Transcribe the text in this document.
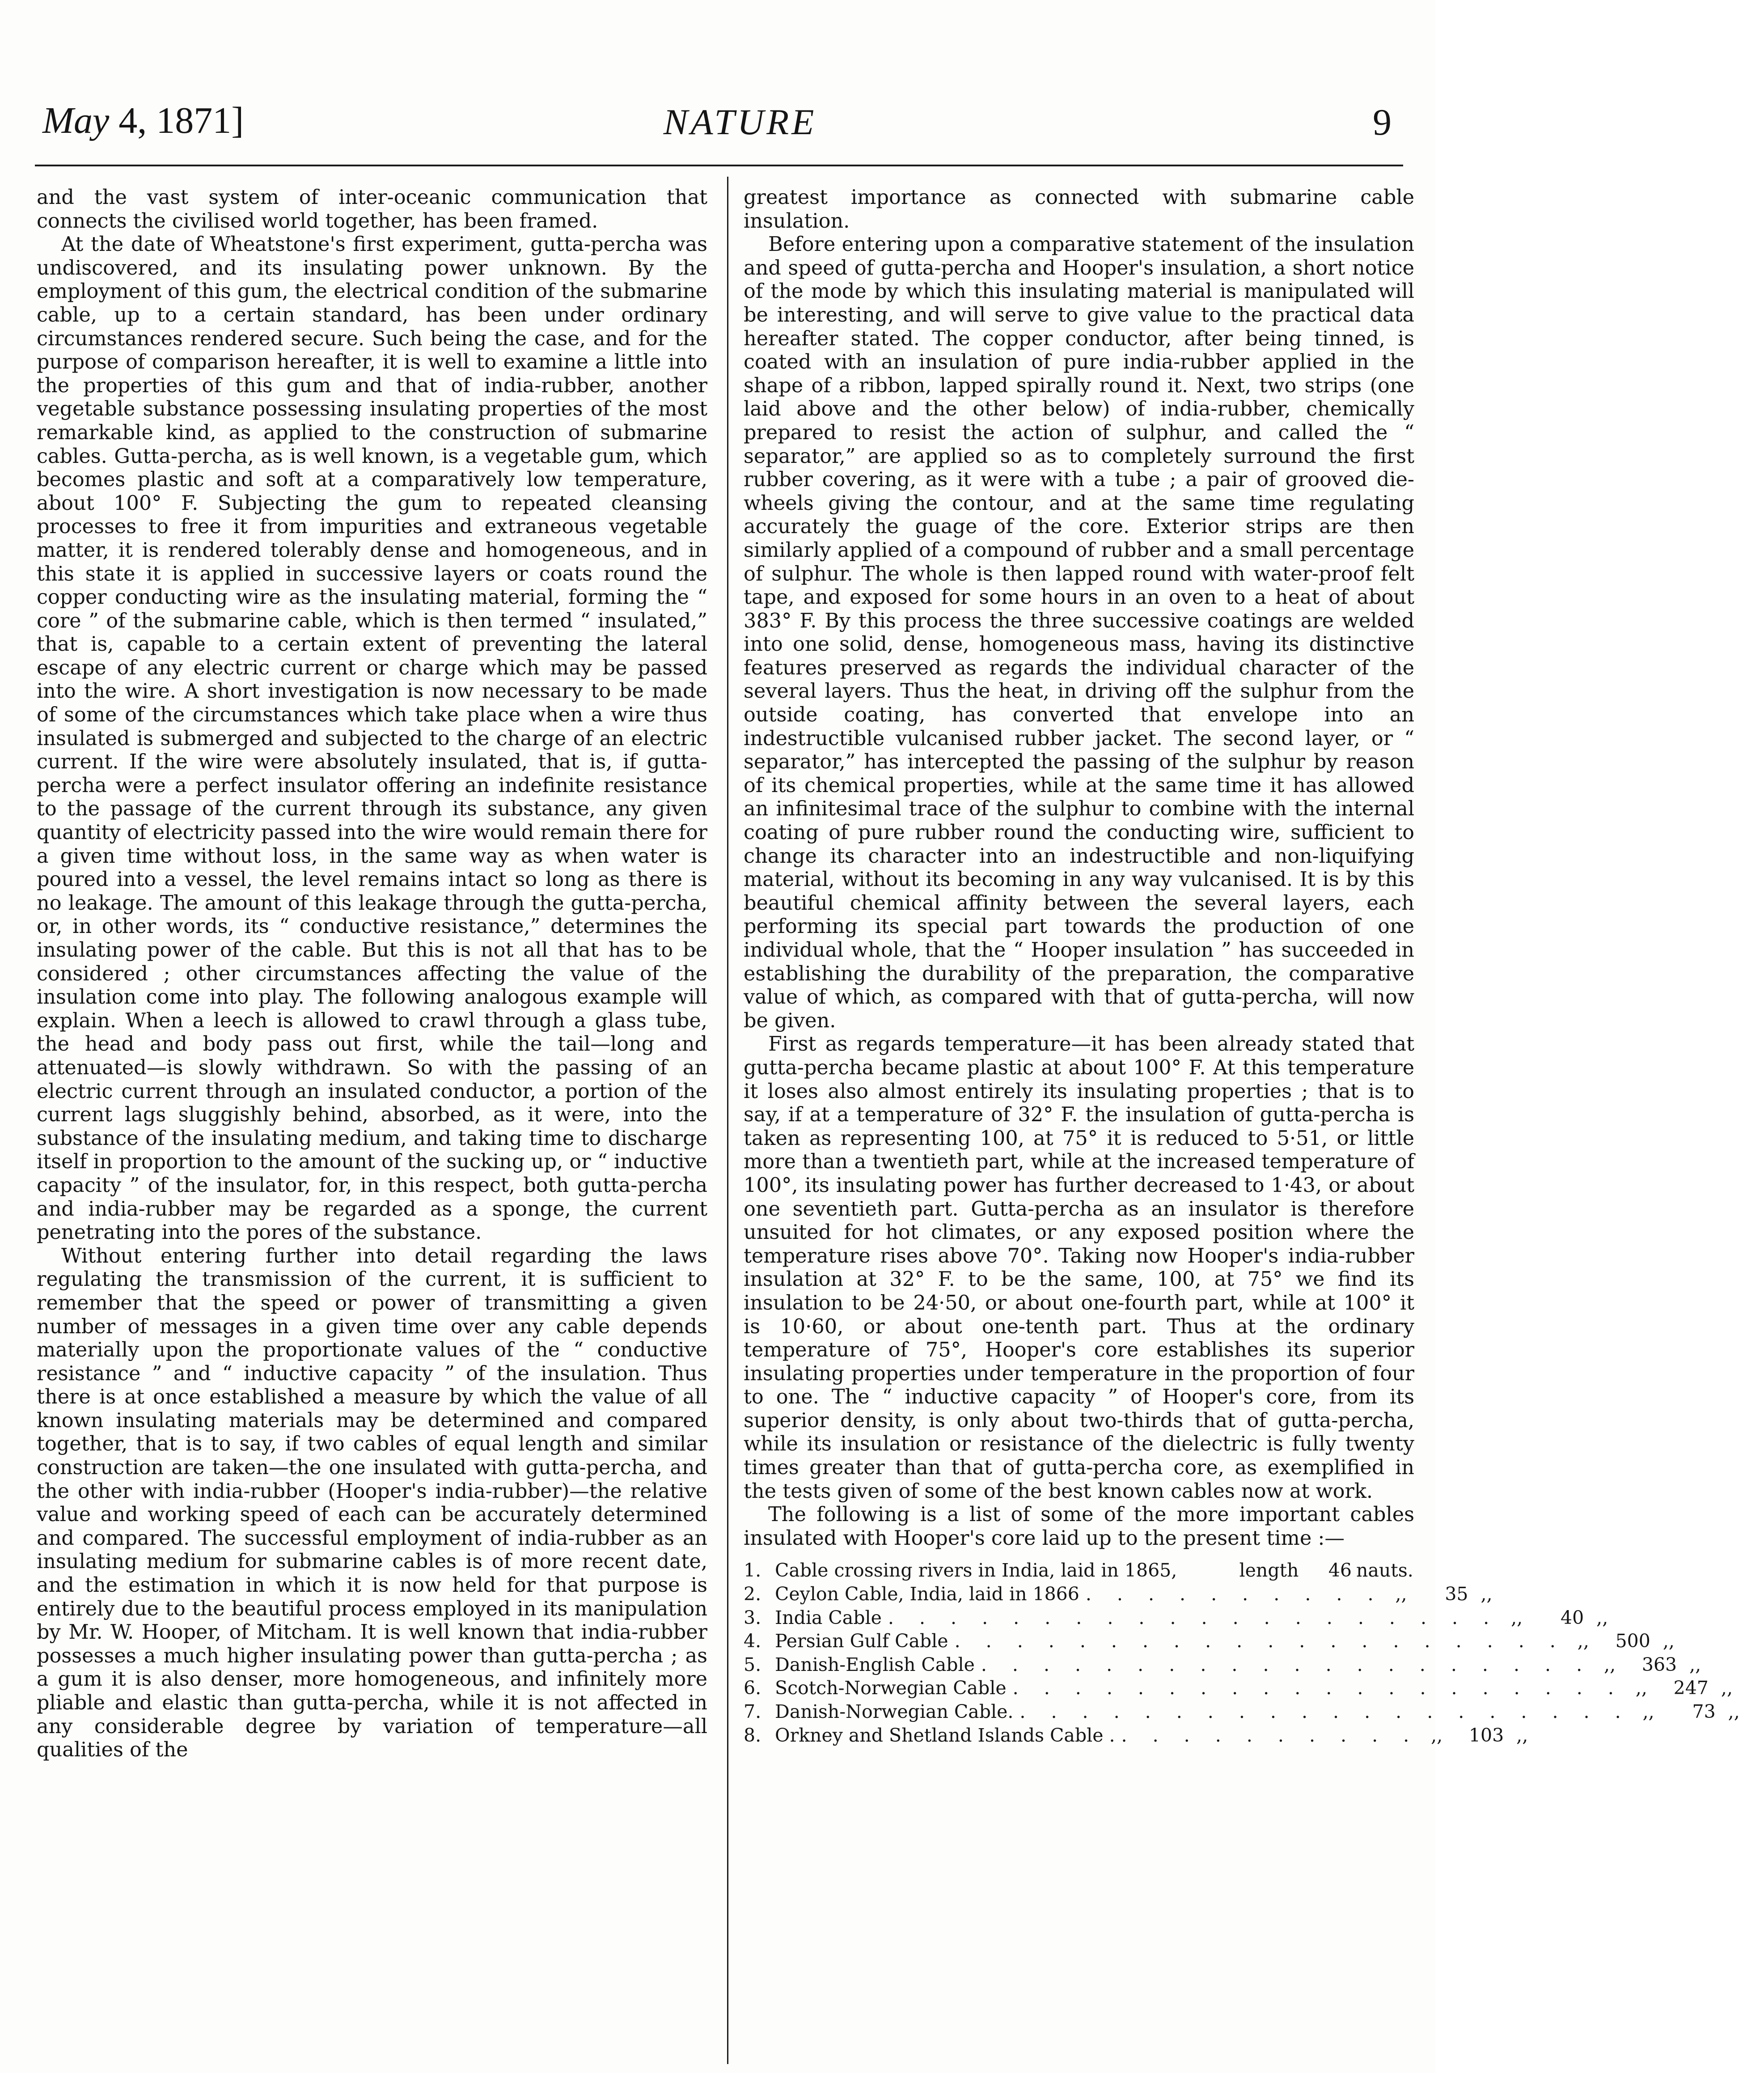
May 4, 1871]	NATURE	9

and the vast system of inter-oceanic communication that connects the civilised world together, has been framed.

At the date of Wheatstone's first experiment, gutta-percha was undiscovered, and its insulating power unknown. By the employment of this gum, the electrical condition of the submarine cable, up to a certain standard, has been under ordinary circumstances rendered secure. Such being the case, and for the purpose of comparison hereafter, it is well to examine a little into the properties of this gum and that of india-rubber, another vegetable substance possessing insulating properties of the most remarkable kind, as applied to the construction of submarine cables. Gutta-percha, as is well known, is a vegetable gum, which becomes plastic and soft at a comparatively low temperature, about 100° F. Subjecting the gum to repeated cleansing processes to free it from impurities and extraneous vegetable matter, it is rendered tolerably dense and homogeneous, and in this state it is applied in successive layers or coats round the copper conducting wire as the insulating material, forming the “ core ” of the submarine cable, which is then termed “ insulated,” that is, capable to a certain extent of preventing the lateral escape of any electric current or charge which may be passed into the wire. A short investigation is now necessary to be made of some of the circumstances which take place when a wire thus insulated is submerged and subjected to the charge of an electric current. If the wire were absolutely insulated, that is, if gutta-percha were a perfect insulator offering an indefinite resistance to the passage of the current through its substance, any given quantity of electricity passed into the wire would remain there for a given time without loss, in the same way as when water is poured into a vessel, the level remains intact so long as there is no leakage. The amount of this leakage through the gutta-percha, or, in other words, its “ conductive resistance,” determines the insulating power of the cable. But this is not all that has to be considered ; other circumstances affecting the value of the insulation come into play. The following analogous example will explain. When a leech is allowed to crawl through a glass tube, the head and body pass out first, while the tail—long and attenuated—is slowly withdrawn. So with the passing of an electric current through an insulated conductor, a portion of the current lags sluggishly behind, absorbed, as it were, into the substance of the insulating medium, and taking time to discharge itself in proportion to the amount of the sucking up, or “ inductive capacity ” of the insulator, for, in this respect, both gutta-percha and india-rubber may be regarded as a sponge, the current penetrating into the pores of the substance.

Without entering further into detail regarding the laws regulating the transmission of the current, it is sufficient to remember that the speed or power of transmitting a given number of messages in a given time over any cable depends materially upon the proportionate values of the “ conductive resistance ” and “ inductive capacity ” of the insulation. Thus there is at once established a measure by which the value of all known insulating materials may be determined and compared together, that is to say, if two cables of equal length and similar construction are taken—the one insulated with gutta-percha, and the other with india-rubber (Hooper's india-rubber)—the relative value and working speed of each can be accurately determined and compared. The successful employment of india-rubber as an insulating medium for submarine cables is of more recent date, and the estimation in which it is now held for that purpose is entirely due to the beautiful process employed in its manipulation by Mr. W. Hooper, of Mitcham. It is well known that india-rubber possesses a much higher insulating power than gutta-percha ; as a gum it is also denser, more homogeneous, and infinitely more pliable and elastic than gutta-percha, while it is not affected in any considerable degree by variation of temperature—all qualities of the

greatest importance as connected with submarine cable insulation.

Before entering upon a comparative statement of the insulation and speed of gutta-percha and Hooper's insulation, a short notice of the mode by which this insulating material is manipulated will be interesting, and will serve to give value to the practical data hereafter stated. The copper conductor, after being tinned, is coated with an insulation of pure india-rubber applied in the shape of a ribbon, lapped spirally round it. Next, two strips (one laid above and the other below) of india-rubber, chemically prepared to resist the action of sulphur, and called the “ separator,” are applied so as to completely surround the first rubber covering, as it were with a tube ; a pair of grooved die-wheels giving the contour, and at the same time regulating accurately the guage of the core. Exterior strips are then similarly applied of a compound of rubber and a small percentage of sulphur. The whole is then lapped round with water-proof felt tape, and exposed for some hours in an oven to a heat of about 383° F. By this process the three successive coatings are welded into one solid, dense, homogeneous mass, having its distinctive features preserved as regards the individual character of the several layers. Thus the heat, in driving off the sulphur from the outside coating, has converted that envelope into an indestructible vulcanised rubber jacket. The second layer, or “ separator,” has intercepted the passing of the sulphur by reason of its chemical properties, while at the same time it has allowed an infinitesimal trace of the sulphur to combine with the internal coating of pure rubber round the conducting wire, sufficient to change its character into an indestructible and non-liquifying material, without its becoming in any way vulcanised. It is by this beautiful chemical affinity between the several layers, each performing its special part towards the production of one individual whole, that the “ Hooper insulation ” has succeeded in establishing the durability of the preparation, the comparative value of which, as compared with that of gutta-percha, will now be given.

First as regards temperature—it has been already stated that gutta-percha became plastic at about 100° F. At this temperature it loses also almost entirely its insulating properties ; that is to say, if at a temperature of 32° F. the insulation of gutta-percha is taken as representing 100, at 75° it is reduced to 5·51, or little more than a twentieth part, while at the increased temperature of 100°, its insulating power has further decreased to 1·43, or about one seventieth part. Gutta-percha as an insulator is therefore unsuited for hot climates, or any exposed position where the temperature rises above 70°. Taking now Hooper's india-rubber insulation at 32° F. to be the same, 100, at 75° we find its insulation to be 24·50, or about one-fourth part, while at 100° it is 10·60, or about one-tenth part. Thus at the ordinary temperature of 75°, Hooper's core establishes its superior insulating properties under temperature in the proportion of four to one. The “ inductive capacity ” of Hooper's core, from its superior density, is only about two-thirds that of gutta-percha, while its insulation or resistance of the dielectric is fully twenty times greater than that of gutta-percha core, as exemplified in the tests given of some of the best known cables now at work.

The following is a list of some of the more important cables insulated with Hooper's core laid up to the present time :—

1. Cable crossing rivers in India, laid in 1865,	length	46 nauts.
2. Ceylon Cable, India, laid in 1866 . . . . . . . . . . ,,	35 ,,
3. India Cable . . . . . . . . . . . . . . . . . . . . ,,	40 ,,
4. Persian Gulf Cable . . . . . . . . . . . . . . . . . . . . ,,	500 ,,
5. Danish-English Cable . . . . . . . . . . . . . . . . . . . . ,,	363 ,,
6. Scotch-Norwegian Cable . . . . . . . . . . . . . . . . . . . . ,,	247 ,,
7. Danish-Norwegian Cable. . . . . . . . . . . . . . . . . . . . . ,,	73 ,,
8. Orkney and Shetland Islands Cable . . . . . . . . . . . ,,	103 ,,
